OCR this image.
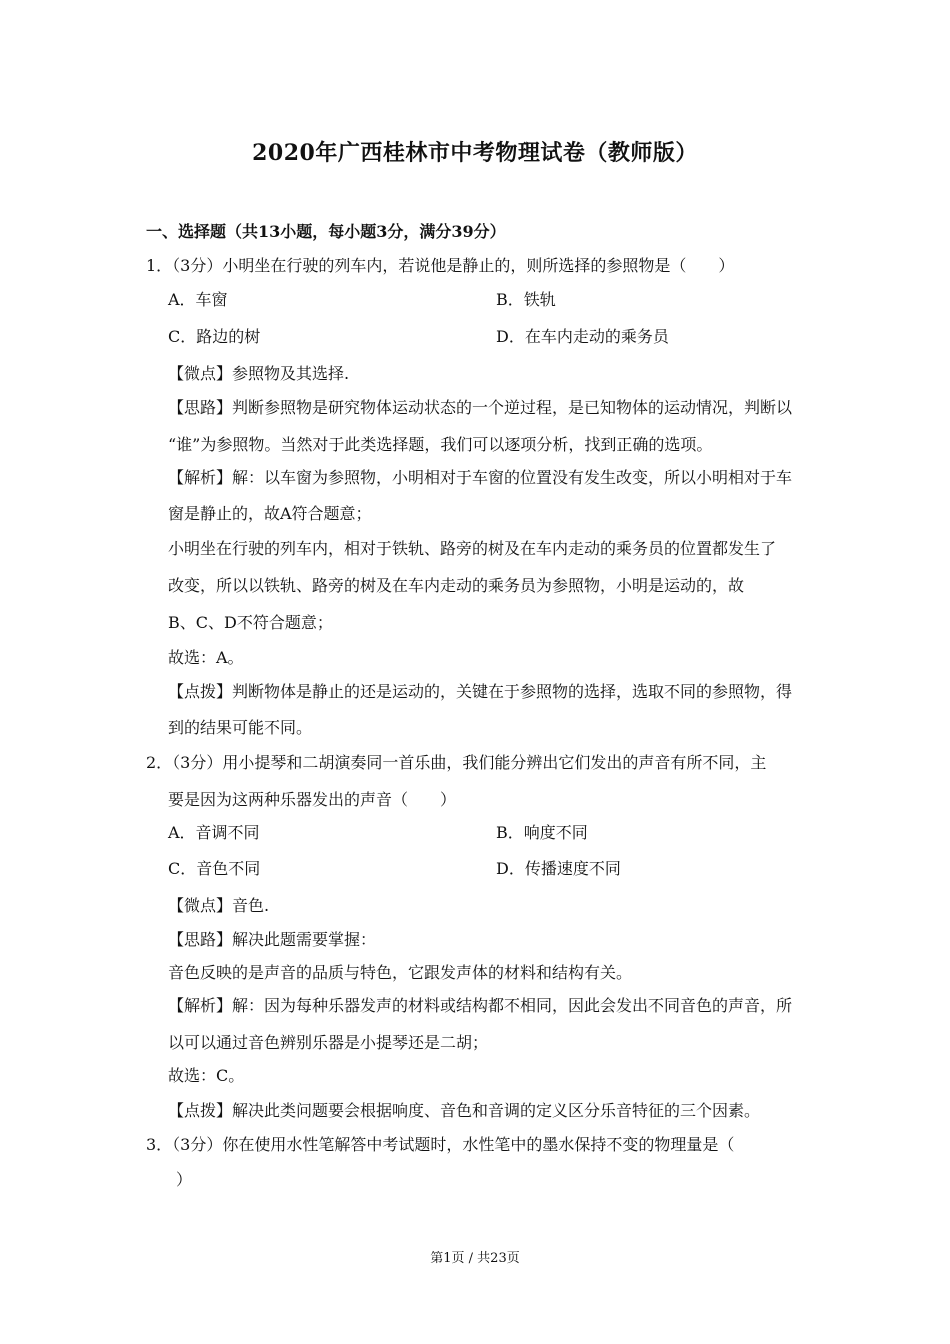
2020年广西桂林市中考物理试卷（教师版）
一、选择题（共13小题，每小题3分，满分39分）
1．（3分）小明坐在行驶的列车内，若说他是静止的，则所选择的参照物是（　　）
A．车窗	B．铁轨
C．路边的树	D．在车内走动的乘务员
【微点】参照物及其选择.
【思路】判断参照物是研究物体运动状态的一个逆过程，是已知物体的运动情况，判断以
“谁”为参照物。当然对于此类选择题，我们可以逐项分析，找到正确的选项。
【解析】解：以车窗为参照物，小明相对于车窗的位置没有发生改变，所以小明相对于车
窗是静止的，故A符合题意；
小明坐在行驶的列车内，相对于铁轨、路旁的树及在车内走动的乘务员的位置都发生了
改变，所以以铁轨、路旁的树及在车内走动的乘务员为参照物，小明是运动的，故
B、C、D不符合题意；
故选：A。
【点拨】判断物体是静止的还是运动的，关键在于参照物的选择，选取不同的参照物，得
到的结果可能不同。
2．（3分）用小提琴和二胡演奏同一首乐曲，我们能分辨出它们发出的声音有所不同，主
要是因为这两种乐器发出的声音（　　）
A．音调不同	B．响度不同
C．音色不同	D．传播速度不同
【微点】音色.
【思路】解决此题需要掌握：
音色反映的是声音的品质与特色，它跟发声体的材料和结构有关。
【解析】解：因为每种乐器发声的材料或结构都不相同，因此会发出不同音色的声音，所
以可以通过音色辨别乐器是小提琴还是二胡；
故选：C。
【点拨】解决此类问题要会根据响度、音色和音调的定义区分乐音特征的三个因素。
3．（3分）你在使用水性笔解答中考试题时，水性笔中的墨水保持不变的物理量是（
）
第1页 / 共23页
